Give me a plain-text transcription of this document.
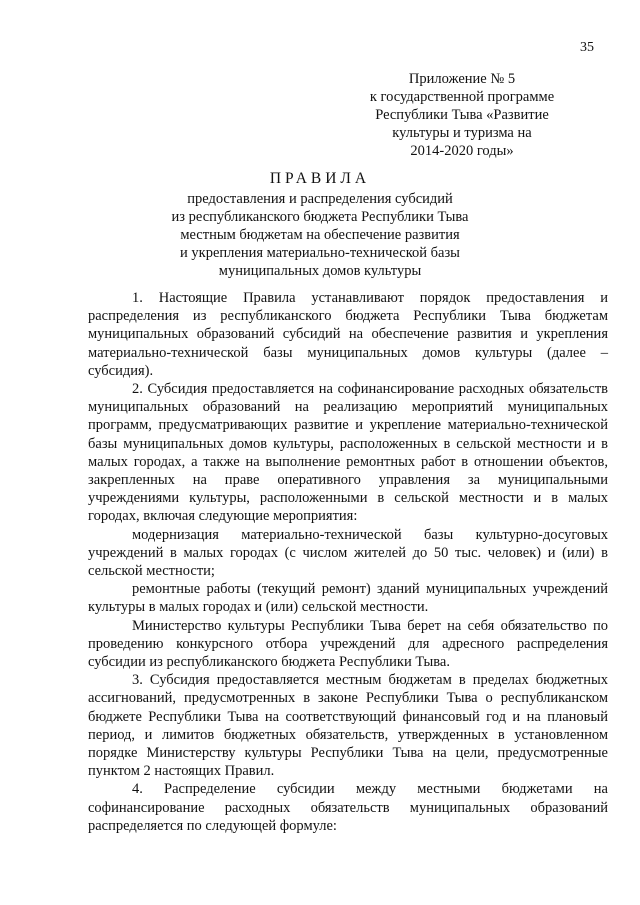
35
Приложение № 5
к государственной программе
Республики Тыва «Развитие
культуры и туризма на
2014-2020 годы»
ПРАВИЛА
предоставления и распределения субсидий
из республиканского бюджета Республики Тыва
местным бюджетам на обеспечение развития
и укрепления материально-технической базы
муниципальных домов культуры

1. Настоящие Правила устанавливают порядок предоставления и распределения из республиканского бюджета Республики Тыва бюджетам муниципальных образований субсидий на обеспечение развития и укрепления материально-технической базы муниципальных домов культуры (далее – субсидия).

2. Субсидия предоставляется на софинансирование расходных обязательств муниципальных образований на реализацию мероприятий муниципальных программ, предусматривающих развитие и укрепление материально-технической базы муниципальных домов культуры, расположенных в сельской местности и в малых городах, а также на выполнение ремонтных работ в отношении объектов, закрепленных на праве оперативного управления за муниципальными учреждениями культуры, расположенными в сельской местности и в малых городах, включая следующие мероприятия:

модернизация материально-технической базы культурно-досуговых учреждений в малых городах (с числом жителей до 50 тыс. человек) и (или) в сельской местности;

ремонтные работы (текущий ремонт) зданий муниципальных учреждений культуры в малых городах и (или) сельской местности.

Министерство культуры Республики Тыва берет на себя обязательство по проведению конкурсного отбора учреждений для адресного распределения субсидии из республиканского бюджета Республики Тыва.

3. Субсидия предоставляется местным бюджетам в пределах бюджетных ассигнований, предусмотренных в законе Республики Тыва о республиканском бюджете Республики Тыва на соответствующий финансовый год и на плановый период, и лимитов бюджетных обязательств, утвержденных в установленном порядке Министерству культуры Республики Тыва на цели, предусмотренные пунктом 2 настоящих Правил.

4. Распределение субсидии между местными бюджетами на софинансирование расходных обязательств муниципальных образований распределяется по следующей формуле:
